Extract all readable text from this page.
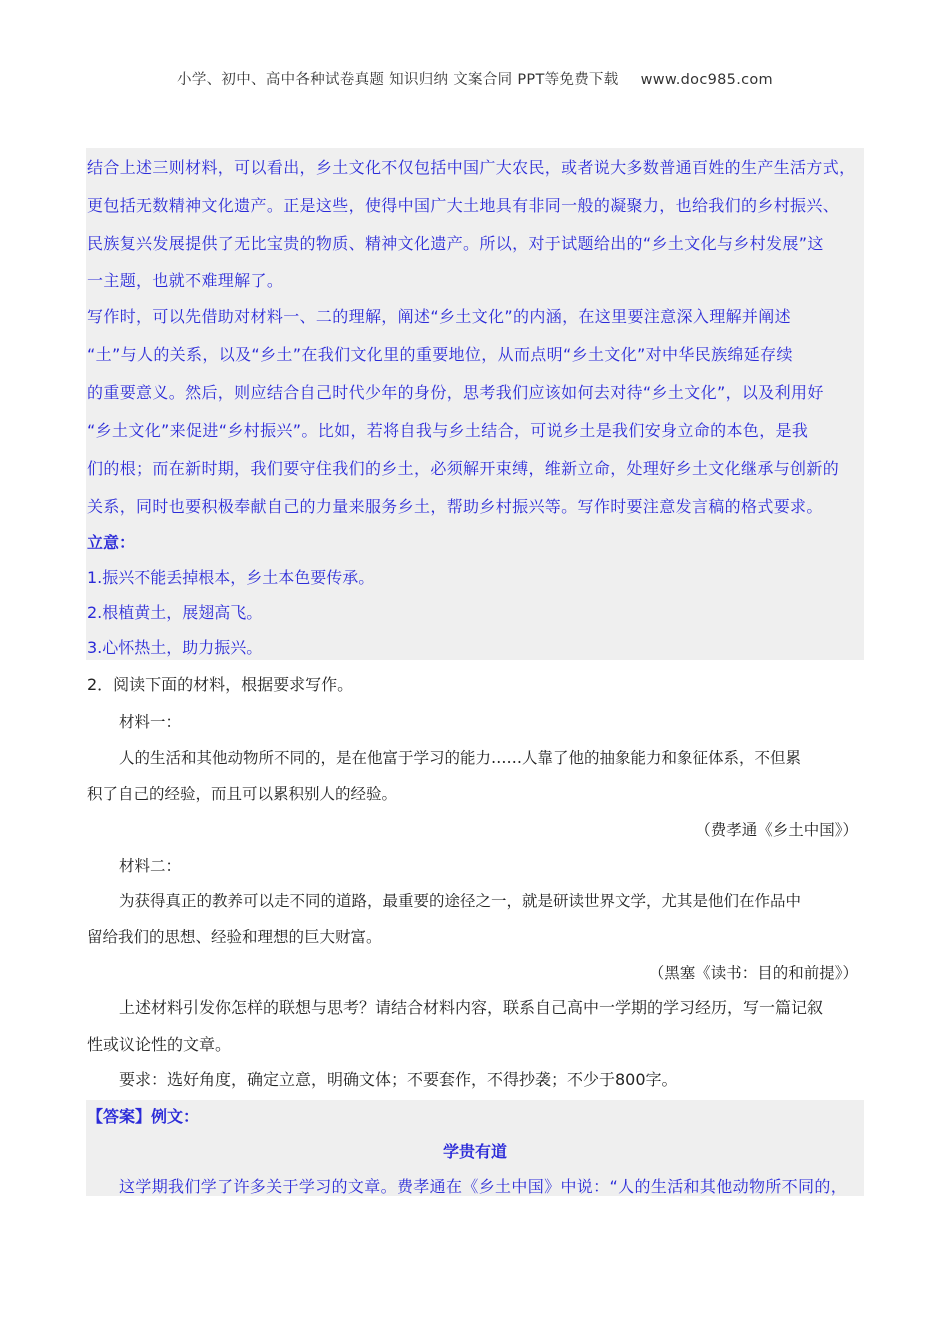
小学、初中、高中各种试卷真题 知识归纳 文案合同 PPT等免费下载 www.doc985.com
结合上述三则材料，可以看出，乡土文化不仅包括中国广大农民，或者说大多数普通百姓的生产生活方式，
更包括无数精神文化遗产。正是这些，使得中国广大土地具有非同一般的凝聚力，也给我们的乡村振兴、
民族复兴发展提供了无比宝贵的物质、精神文化遗产。所以，对于试题给出的“乡土文化与乡村发展”这
一主题，也就不难理解了。
写作时，可以先借助对材料一、二的理解，阐述“乡土文化”的内涵，在这里要注意深入理解并阐述
“土”与人的关系，以及“乡土”在我们文化里的重要地位，从而点明“乡土文化”对中华民族绵延存续
的重要意义。然后，则应结合自己时代少年的身份，思考我们应该如何去对待“乡土文化”，以及利用好
“乡土文化”来促进“乡村振兴”。比如，若将自我与乡土结合，可说乡土是我们安身立命的本色，是我
们的根；而在新时期，我们要守住我们的乡土，必须解开束缚，维新立命，处理好乡土文化继承与创新的
关系，同时也要积极奉献自己的力量来服务乡土，帮助乡村振兴等。写作时要注意发言稿的格式要求。
立意：
1.振兴不能丢掉根本，乡土本色要传承。
2.根植黄土，展翅高飞。
3.心怀热土，助力振兴。
2．阅读下面的材料，根据要求写作。
材料一：
人的生活和其他动物所不同的，是在他富于学习的能力……人靠了他的抽象能力和象征体系，不但累
积了自己的经验，而且可以累积别人的经验。
（费孝通《乡土中国》）
材料二：
为获得真正的教养可以走不同的道路，最重要的途径之一，就是研读世界文学，尤其是他们在作品中
留给我们的思想、经验和理想的巨大财富。
（黑塞《读书：目的和前提》）
上述材料引发你怎样的联想与思考？请结合材料内容，联系自己高中一学期的学习经历，写一篇记叙
性或议论性的文章。
要求：选好角度，确定立意，明确文体；不要套作，不得抄袭；不少于800字。
【答案】例文：
学贵有道
这学期我们学了许多关于学习的文章。费孝通在《乡土中国》中说：“人的生活和其他动物所不同的，
